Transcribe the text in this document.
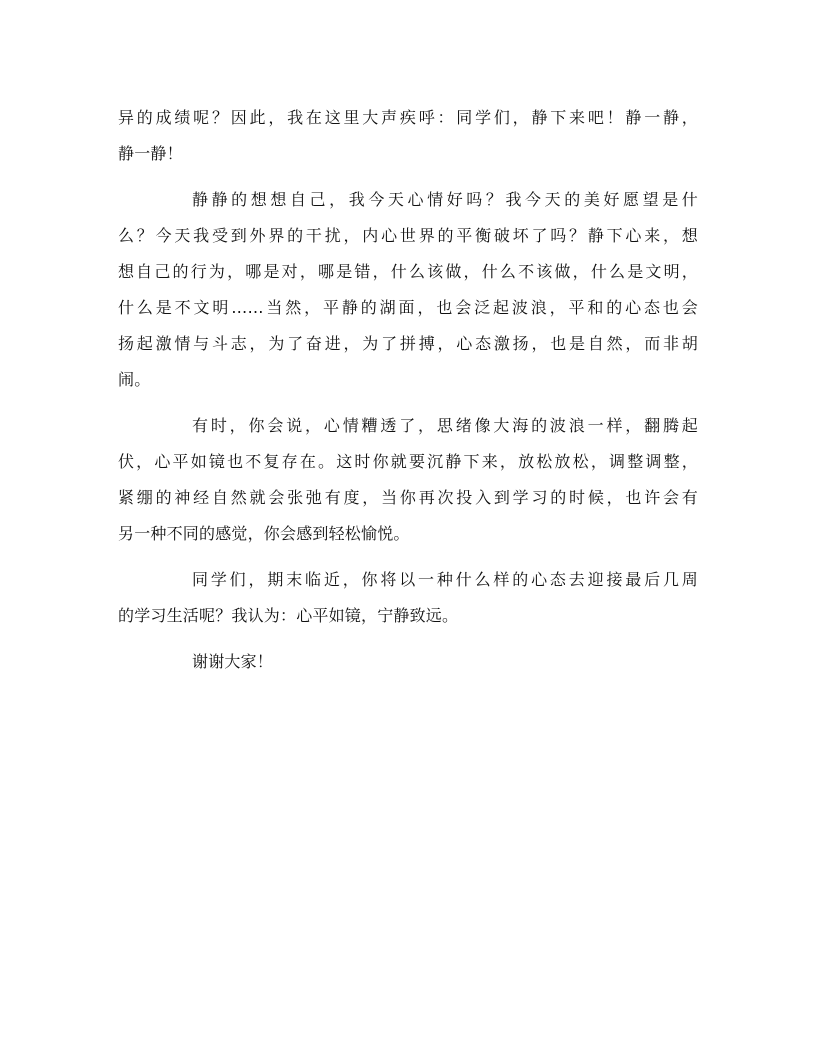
异的成绩呢？因此，我在这里大声疾呼：同学们，静下来吧！静一静，
静一静！
静静的想想自己，我今天心情好吗？我今天的美好愿望是什
么？今天我受到外界的干扰，内心世界的平衡破坏了吗？静下心来，想
想自己的行为，哪是对，哪是错，什么该做，什么不该做，什么是文明，
什么是不文明……当然，平静的湖面，也会泛起波浪，平和的心态也会
扬起激情与斗志，为了奋进，为了拼搏，心态激扬，也是自然，而非胡
闹。
有时，你会说，心情糟透了，思绪像大海的波浪一样，翻腾起
伏，心平如镜也不复存在。这时你就要沉静下来，放松放松，调整调整，
紧绷的神经自然就会张弛有度，当你再次投入到学习的时候，也许会有
另一种不同的感觉，你会感到轻松愉悦。
同学们，期末临近，你将以一种什么样的心态去迎接最后几周
的学习生活呢？我认为：心平如镜，宁静致远。
谢谢大家！
